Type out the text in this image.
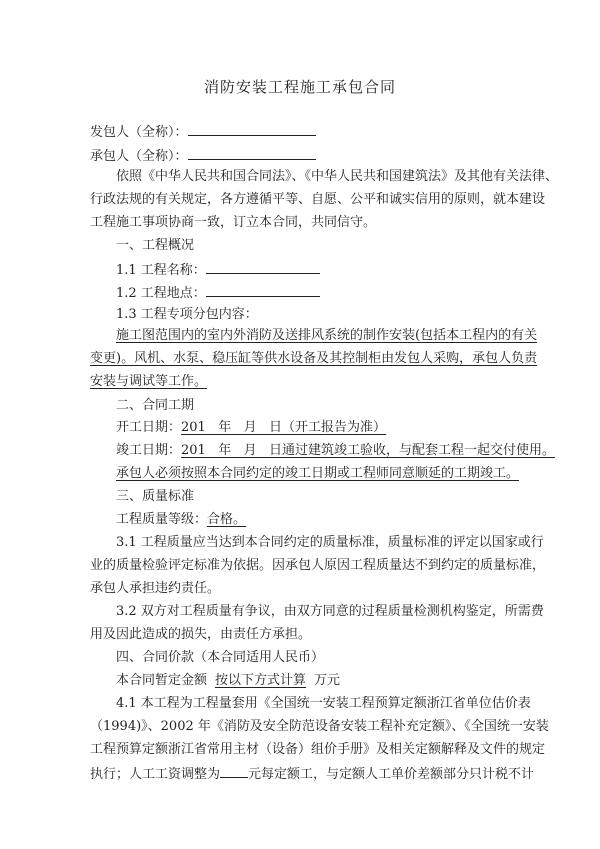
消防安装工程施工承包合同
发包人（全称）：
承包人（全称）：
依照《中华人民共和国合同法》、《中华人民共和国建筑法》及其他有关法律、
行政法规的有关规定，各方遵循平等、自愿、公平和诚实信用的原则，就本建设
工程施工事项协商一致，订立本合同，共同信守。
一、工程概况
1.1 工程名称：
1.2 工程地点：
1.3 工程专项分包内容：
施工图范围内的室内外消防及送排风系统的制作安装(包括本工程内的有关
变更)。风机、水泵、稳压缸等供水设备及其控制柜由发包人采购，承包人负责
安装与调试等工作。
二、合同工期
开工日期：201   年   月   日（开工报告为准）
竣工日期：201   年   月   日通过建筑竣工验收，与配套工程一起交付使用。
承包人必须按照本合同约定的竣工日期或工程师同意顺延的工期竣工。
三、质量标准
工程质量等级：合格。
3.1 工程质量应当达到本合同约定的质量标准，质量标准的评定以国家或行
业的质量检验评定标准为依据。因承包人原因工程质量达不到约定的质量标准，
承包人承担违约责任。
3.2 双方对工程质量有争议，由双方同意的过程质量检测机构鉴定，所需费
用及因此造成的损失，由责任方承担。
四、合同价款（本合同适用人民币）
本合同暂定金额 按以下方式计算 万元
4.1 本工程为工程量套用《全国统一安装工程预算定额浙江省单位估价表
（1994)》、2002 年《消防及安全防范设备安装工程补充定额》、《全国统一安装
工程预算定额浙江省常用主材（设备）组价手册》及相关定额解释及文件的规定
执行；人工工资调整为 元每定额工，与定额人工单价差额部分只计税不计
